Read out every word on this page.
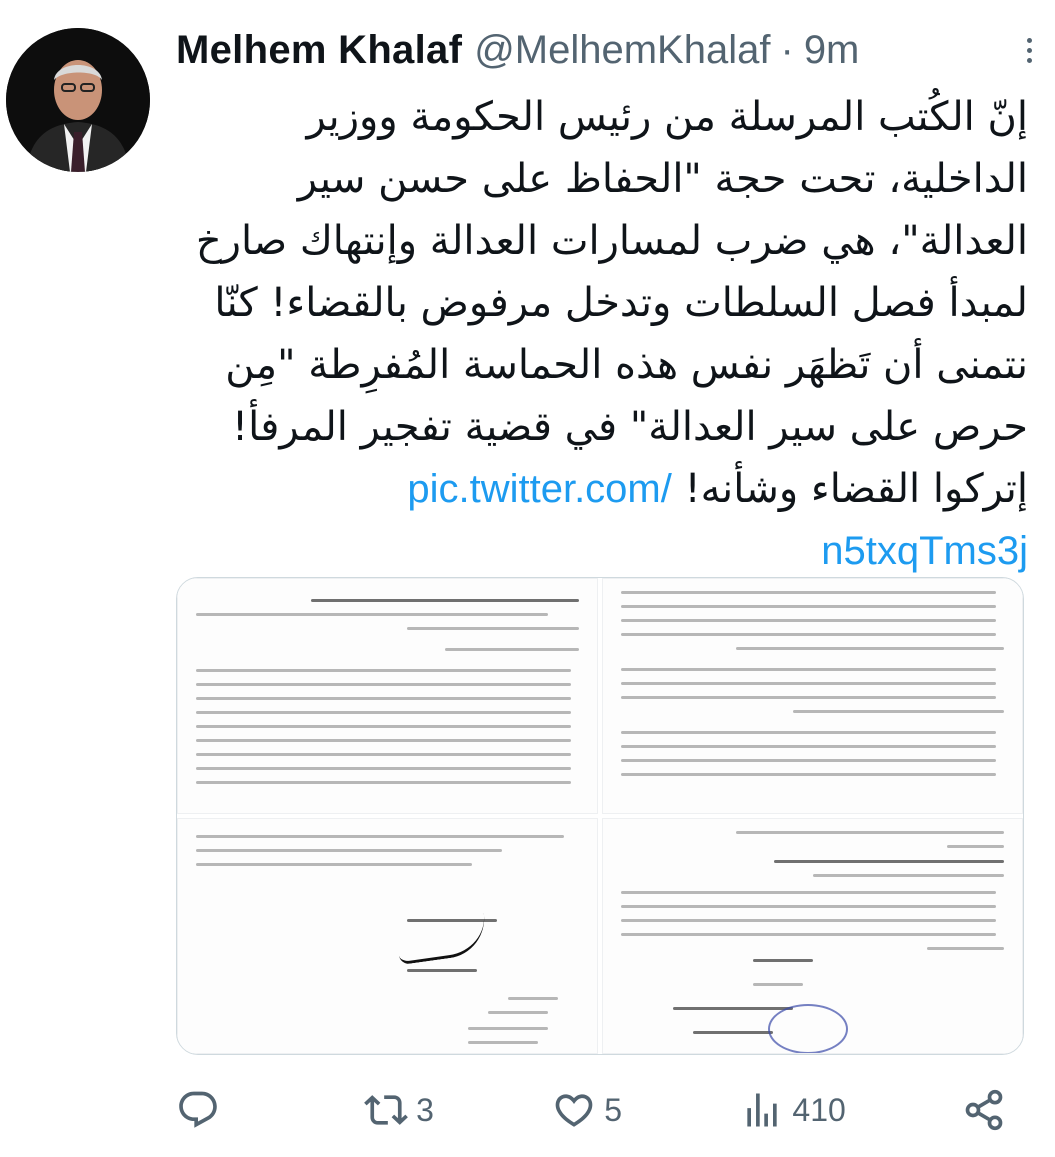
Melhem Khalaf @MelhemKhalaf · 9m

إنّ الكُتب المرسلة من رئيس الحكومة ووزير

الداخلية، تحت حجة "الحفاظ على حسن سير

العدالة"، هي ضرب لمسارات العدالة وإنتهاك صارخ

لمبدأ فصل السلطات وتدخل مرفوض بالقضاء! كنّا

نتمنى أن تَظهَر نفس هذه الحماسة المُفرِطة "مِن

حرص على سير العدالة" في قضية تفجير المرفأ!

إتركوا القضاء وشأنه! pic.twitter.com/

n5txqTms3j

3	5	410
